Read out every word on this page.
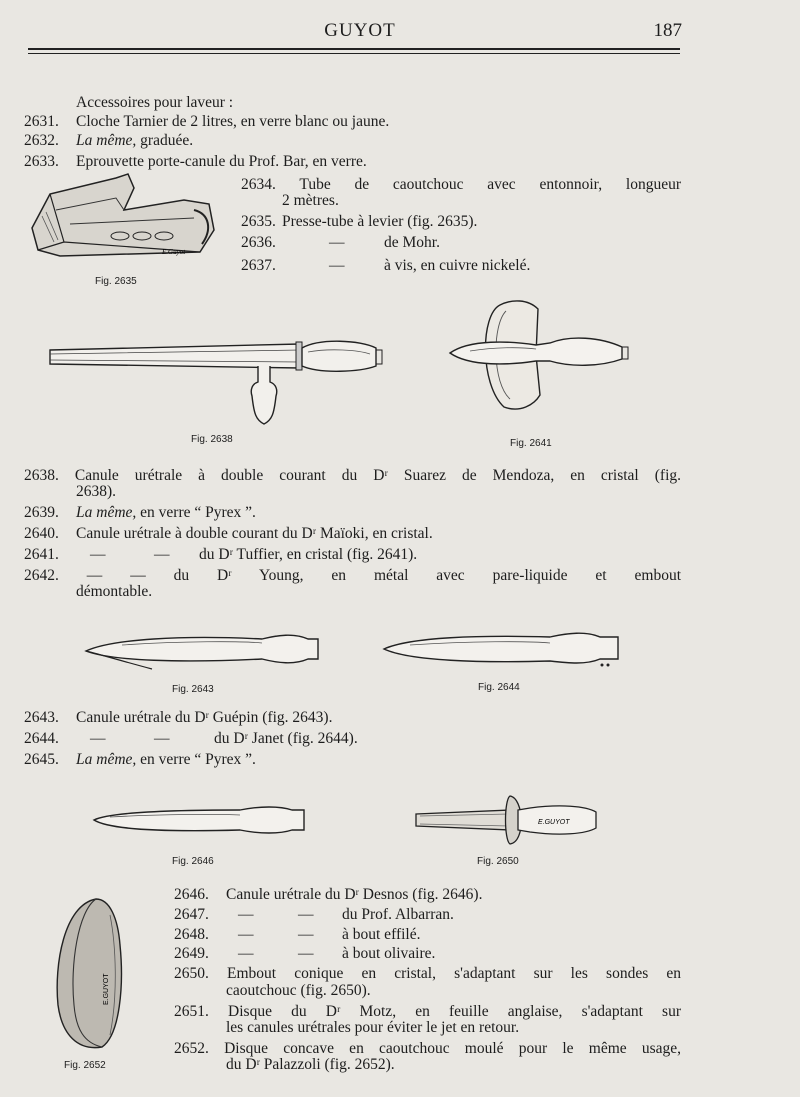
GUYOT	187
Accessoires pour laveur :
2631. Cloche Tarnier de 2 litres, en verre blanc ou jaune.
2632. La même, graduée.
2633. Eprouvette porte-canule du Prof. Bar, en verre.
E.Guyot
Fig. 2635
2634. Tube de caoutchouc avec entonnoir, longueur
2 mètres.
2635. Presse-tube à levier (fig. 2635).
2636.	—	de Mohr.
2637.	—	à vis, en cuivre nickelé.
Fig. 2638	Fig. 2641
2638. Canule urétrale à double courant du Dʳ Suarez de Mendoza, en cristal (fig.
2638).
2639. La même, en verre “ Pyrex ”.
2640. Canule urétrale à double courant du Dʳ Maïoki, en cristal.
2641. —	— du Dʳ Tuffier, en cristal (fig. 2641).
2642. — — du Dʳ Young, en métal avec pare-liquide et embout
démontable.
Fig. 2643	Fig. 2644
2643. Canule urétrale du Dʳ Guépin (fig. 2643).
2644. —	—	du Dʳ Janet (fig. 2644).
2645. La même, en verre “ Pyrex ”.
Fig. 2646
E.GUYOT
Fig. 2650
E.GUYOT
Fig. 2652
2646. Canule urétrale du Dʳ Desnos (fig. 2646).
2647. —	— du Prof. Albarran.
2648. —	— à bout effilé.
2649. —	— à bout olivaire.
2650. Embout conique en cristal, s'adaptant sur les sondes en
caoutchouc (fig. 2650).
2651. Disque du Dʳ Motz, en feuille anglaise, s'adaptant sur
les canules urétrales pour éviter le jet en retour.
2652. Disque concave en caoutchouc moulé pour le même usage,
du Dʳ Palazzoli (fig. 2652).
